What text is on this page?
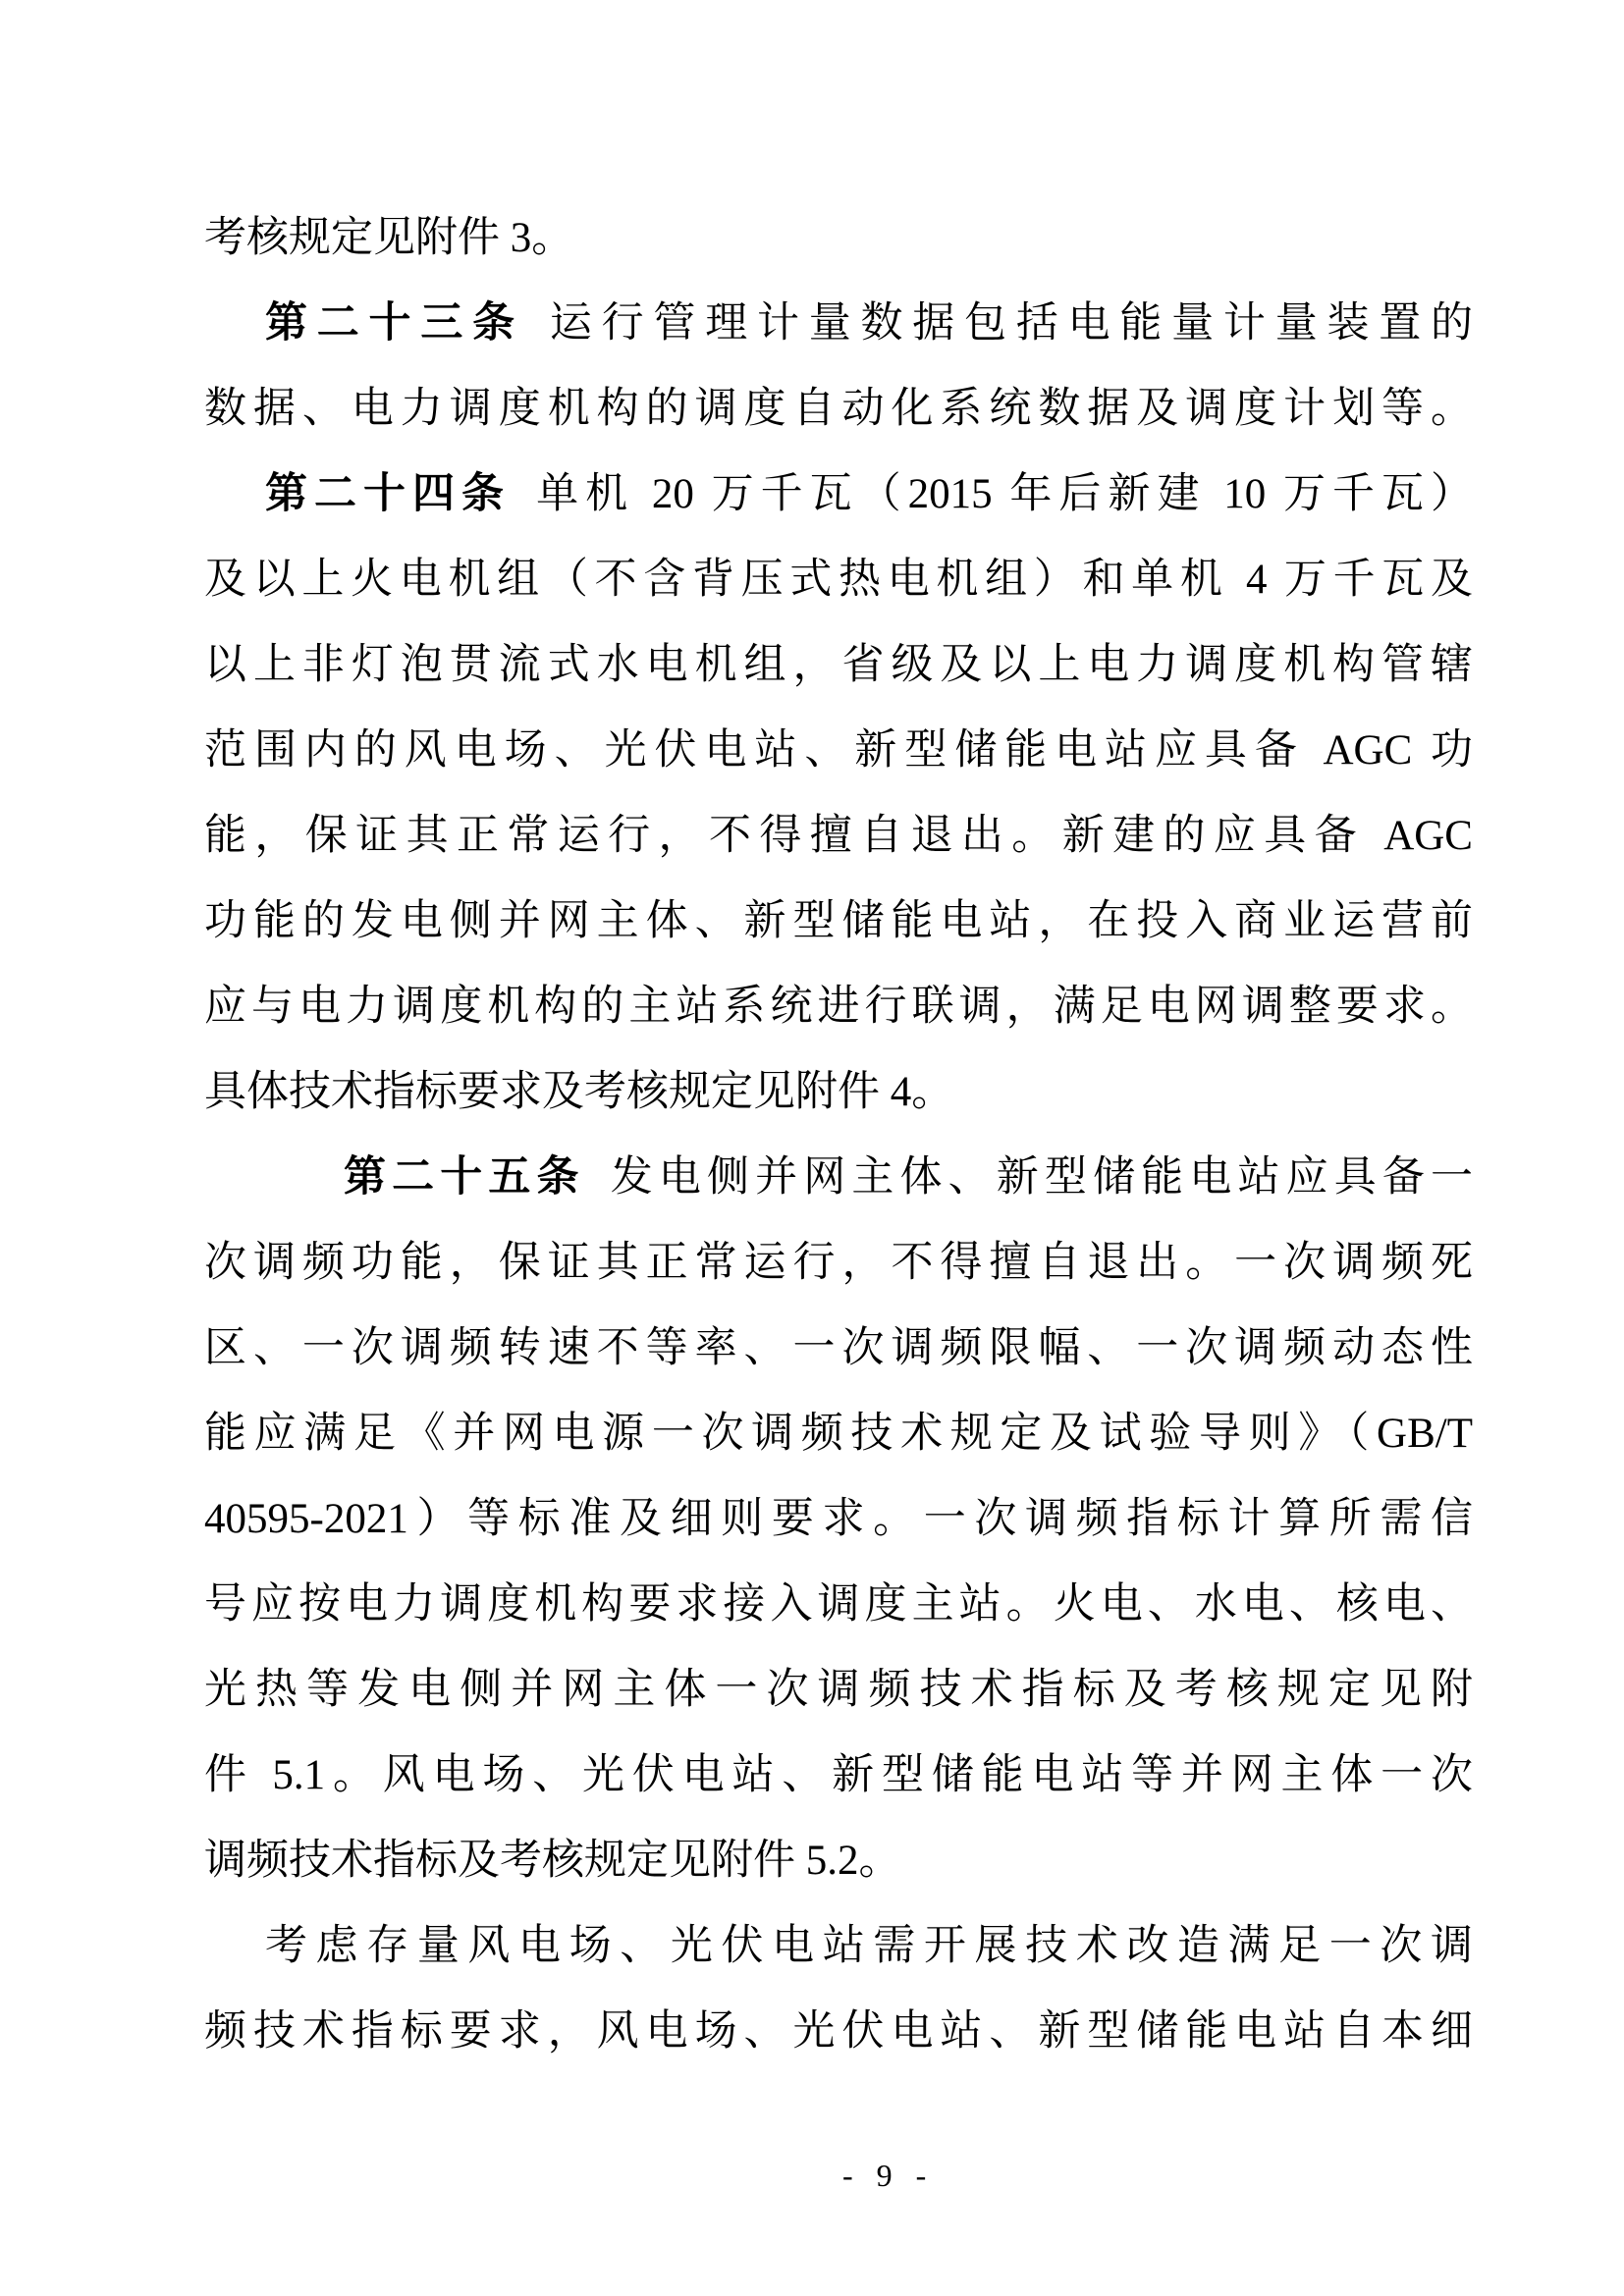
考核规定见附件 3。
第二十三条 运行管理计量数据包括电能量计量装置的
数据、电力调度机构的调度自动化系统数据及调度计划等。
第二十四条 单机 20 万千瓦（2015 年后新建 10 万千瓦）
及以上火电机组（不含背压式热电机组）和单机 4 万千瓦及
以上非灯泡贯流式水电机组，省级及以上电力调度机构管辖
范围内的风电场、光伏电站、新型储能电站应具备 AGC 功
能，保证其正常运行，不得擅自退出。新建的应具备 AGC
功能的发电侧并网主体、新型储能电站，在投入商业运营前
应与电力调度机构的主站系统进行联调，满足电网调整要求。
具体技术指标要求及考核规定见附件 4。
第二十五条 发电侧并网主体、新型储能电站应具备一
次调频功能，保证其正常运行，不得擅自退出。一次调频死
区、一次调频转速不等率、一次调频限幅、一次调频动态性
能应满足《并网电源一次调频技术规定及试验导则》（GB/T
40595-2021）等标准及细则要求。一次调频指标计算所需信
号应按电力调度机构要求接入调度主站。火电、水电、核电、
光热等发电侧并网主体一次调频技术指标及考核规定见附
件 5.1。风电场、光伏电站、新型储能电站等并网主体一次
调频技术指标及考核规定见附件 5.2。
考虑存量风电场、光伏电站需开展技术改造满足一次调
频技术指标要求，风电场、光伏电站、新型储能电站自本细
- 9 -
